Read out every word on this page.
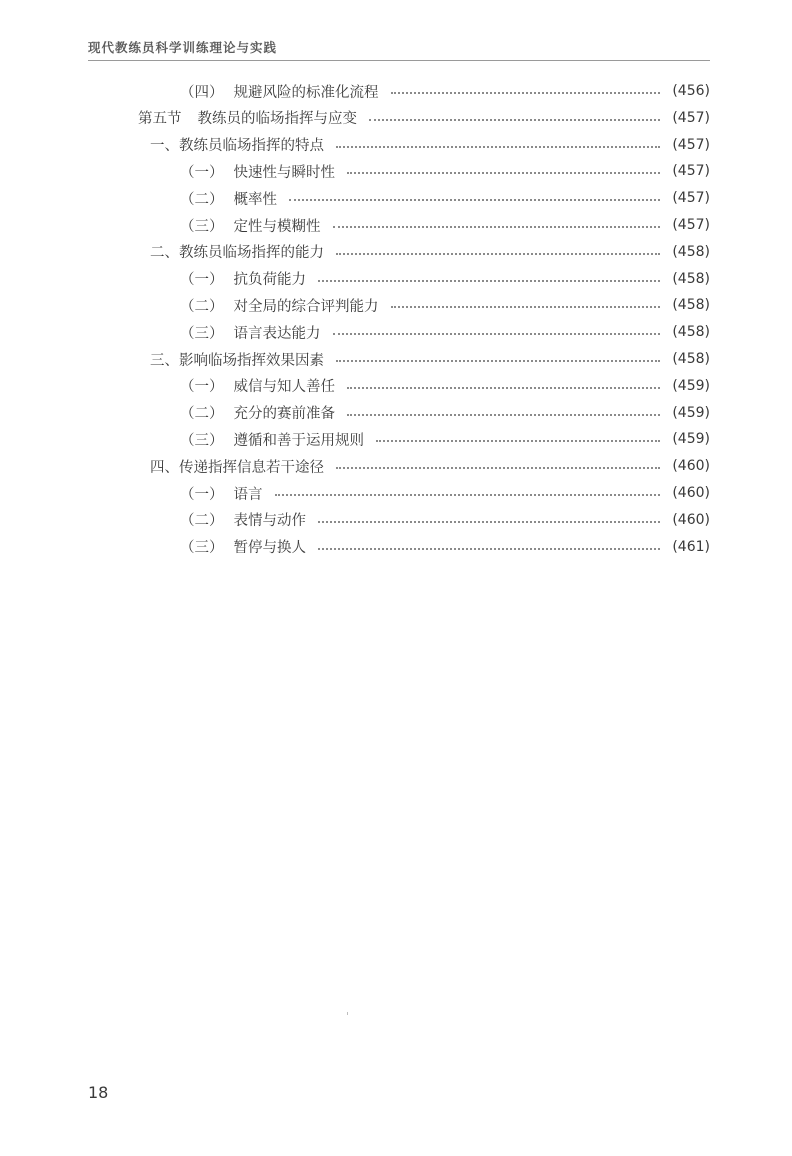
现代教练员科学训练理论与实践
（四） 规避风险的标准化流程	(456)
第五节 教练员的临场指挥与应变	(457)
一、 教练员临场指挥的特点	(457)
（一） 快速性与瞬时性	(457)
（二） 概率性	(457)
（三） 定性与模糊性	(457)
二、 教练员临场指挥的能力	(458)
（一） 抗负荷能力	(458)
（二） 对全局的综合评判能力	(458)
（三） 语言表达能力	(458)
三、 影响临场指挥效果因素	(458)
（一） 威信与知人善任	(459)
（二） 充分的赛前准备	(459)
（三） 遵循和善于运用规则	(459)
四、 传递指挥信息若干途径	(460)
（一） 语言	(460)
（二） 表情与动作	(460)
（三） 暂停与换人	(461)
18
